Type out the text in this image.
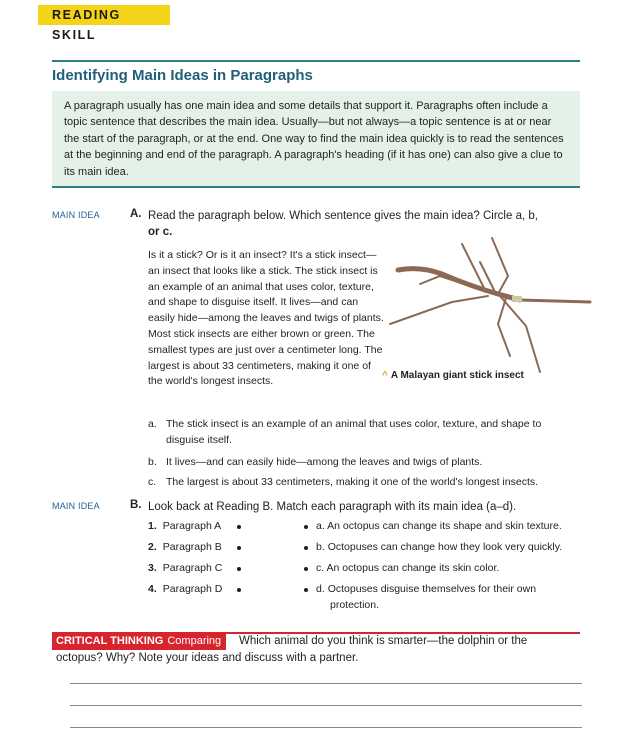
READING SKILL
Identifying Main Ideas in Paragraphs
A paragraph usually has one main idea and some details that support it. Paragraphs often include a topic sentence that describes the main idea. Usually—but not always—a topic sentence is at or near the start of the paragraph, or at the end. One way to find the main idea quickly is to read the sentences at the beginning and end of the paragraph. A paragraph's heading (if it has one) can also give a clue to its main idea.
MAIN IDEA	A. Read the paragraph below. Which sentence gives the main idea? Circle a, b,
or c.
Is it a stick? Or is it an insect? It's a stick insect—an insect that looks like a stick. The stick insect is an example of an animal that uses color, texture, and shape to disguise itself. It lives—and can easily hide—among the leaves and twigs of plants. Most stick insects are either brown or green. The smallest types are just over a centimeter long. The largest is about 33 centimeters, making it one of the world's longest insects.	^ A Malayan giant stick insect
a. The stick insect is an example of an animal that uses color, texture, and shape to disguise itself.
b. It lives—and can easily hide—among the leaves and twigs of plants.
c. The largest is about 33 centimeters, making it one of the world's longest insects.
MAIN IDEA	B. Look back at Reading B. Match each paragraph with its main idea (a–d).
1. Paragraph A
2. Paragraph B
3. Paragraph C
4. Paragraph D
a. An octopus can change its shape and skin texture.
b. Octopuses can change how they look very quickly.
c. An octopus can change its skin color.
d. Octopuses disguise themselves for their own
protection.
CRITICAL THINKING Comparing	Which animal do you think is smarter—the dolphin or the
octopus? Why? Note your ideas and discuss with a partner.
